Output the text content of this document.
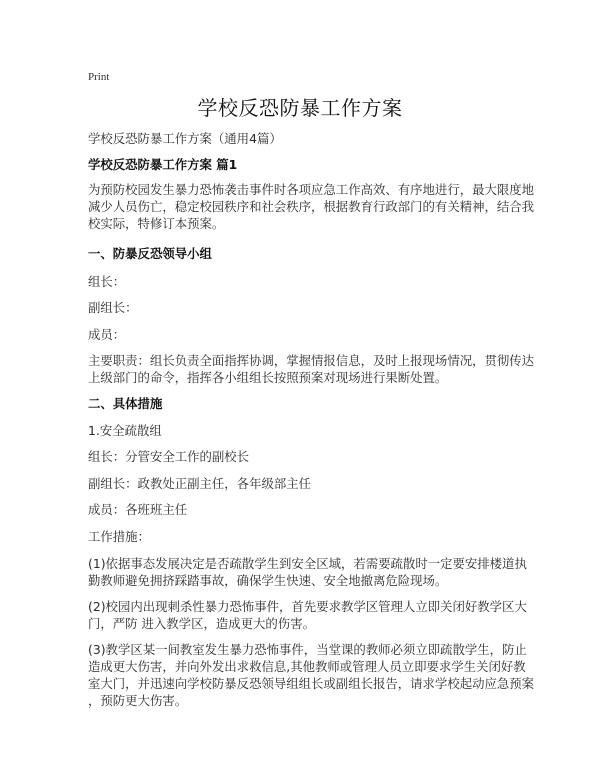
Print
学校反恐防暴工作方案
学校反恐防暴工作方案（通用4篇）
学校反恐防暴工作方案 篇1
为预防校园发生暴力恐怖袭击事件时各项应急工作高效、有序地进行，最大限度地
减少人员伤亡，稳定校园秩序和社会秩序，根据教育行政部门的有关精神，结合我
校实际，特修订本预案。
一、防暴反恐领导小组
组长：
副组长：
成员：
主要职责：组长负责全面指挥协调，掌握情报信息，及时上报现场情况，贯彻传达
上级部门的命令，指挥各小组组长按照预案对现场进行果断处置。
二、具体措施
1.安全疏散组
组长：分管安全工作的副校长
副组长：政教处正副主任，各年级部主任
成员：各班班主任
工作措施：
(1)依据事态发展决定是否疏散学生到安全区域，若需要疏散时一定要安排楼道执
勤教师避免拥挤踩踏事故，确保学生快速、安全地撤离危险现场。
(2)校园内出现刺杀性暴力恐怖事件，首先要求教学区管理人立即关闭好教学区大
门，严防 进入教学区，造成更大的伤害。
(3)教学区某一间教室发生暴力恐怖事件，当堂课的教师必须立即疏散学生，防止
造成更大伤害，并向外发出求救信息,其他教师或管理人员立即要求学生关闭好教
室大门，并迅速向学校防暴反恐领导组组长或副组长报告，请求学校起动应急预案
，预防更大伤害。
